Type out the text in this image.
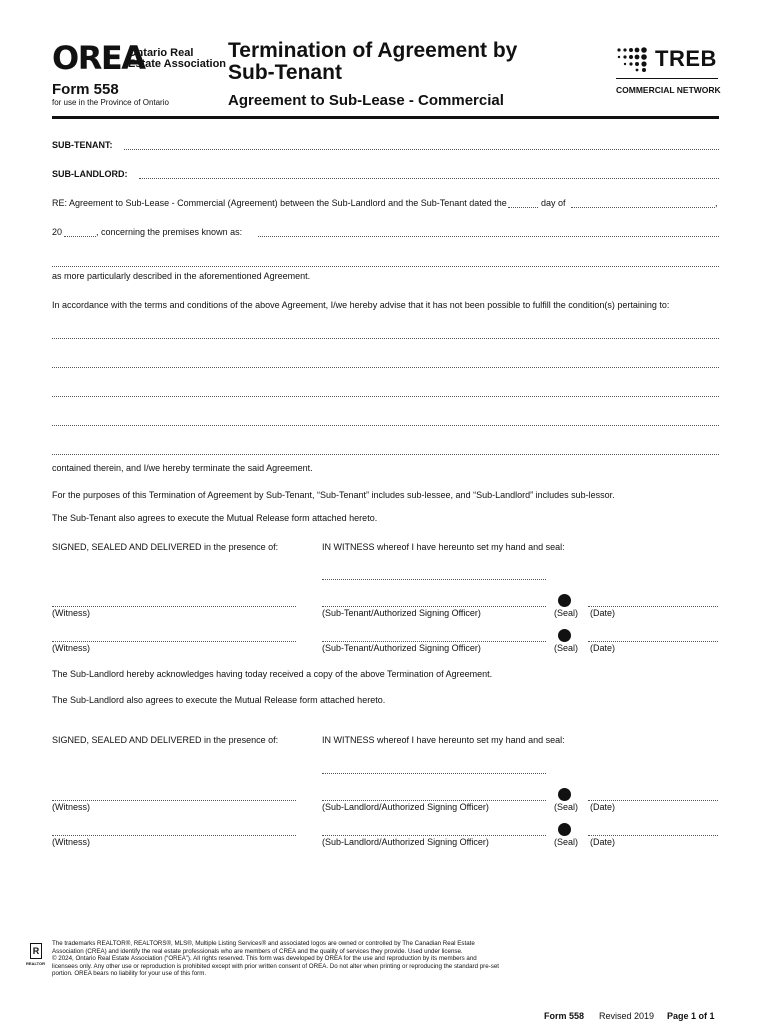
OREA
Ontario Real Estate Association
Form 558
for use in the Province of Ontario
Termination of Agreement by Sub-Tenant
Agreement to Sub-Lease - Commercial
TREB
COMMERCIAL NETWORK
SUB-TENANT:
SUB-LANDLORD:
RE: Agreement to Sub-Lease - Commercial (Agreement) between the Sub-Landlord and the Sub-Tenant dated the	day of	,
20	, concerning the premises known as:
as more particularly described in the aforementioned Agreement.
In accordance with the terms and conditions of the above Agreement, I/we hereby advise that it has not been possible to fulfill the condition(s) pertaining to:
contained therein, and I/we hereby terminate the said Agreement.
For the purposes of this Termination of Agreement by Sub-Tenant, “Sub-Tenant” includes sub-lessee, and “Sub-Landlord” includes sub-lessor.
The Sub-Tenant also agrees to execute the Mutual Release form attached hereto.
SIGNED, SEALED AND DELIVERED in the presence of:	IN WITNESS whereof I have hereunto set my hand and seal:
(Witness)	(Sub-Tenant/Authorized Signing Officer)	(Seal) (Date)
(Witness)	(Sub-Tenant/Authorized Signing Officer)	(Seal) (Date)
The Sub-Landlord hereby acknowledges having today received a copy of the above Termination of Agreement.
The Sub-Landlord also agrees to execute the Mutual Release form attached hereto.
SIGNED, SEALED AND DELIVERED in the presence of:	IN WITNESS whereof I have hereunto set my hand and seal:
(Witness)	(Sub-Landlord/Authorized Signing Officer)	(Seal) (Date)
(Witness)	(Sub-Landlord/Authorized Signing Officer)	(Seal) (Date)
R
REALTOR
The trademarks REALTOR®, REALTORS®, MLS®, Multiple Listing Services® and associated logos are owned or controlled by The Canadian Real Estate Association (CREA) and identify the real estate professionals who are members of CREA and the quality of services they provide. Used under license.
© 2024, Ontario Real Estate Association (“OREA”). All rights reserved. This form was developed by OREA for the use and reproduction by its members and licensees only. Any other use or reproduction is prohibited except with prior written consent of OREA. Do not alter when printing or reproducing the standard pre-set portion. OREA bears no liability for your use of this form.
Form 558 Revised 2019 Page 1 of 1
